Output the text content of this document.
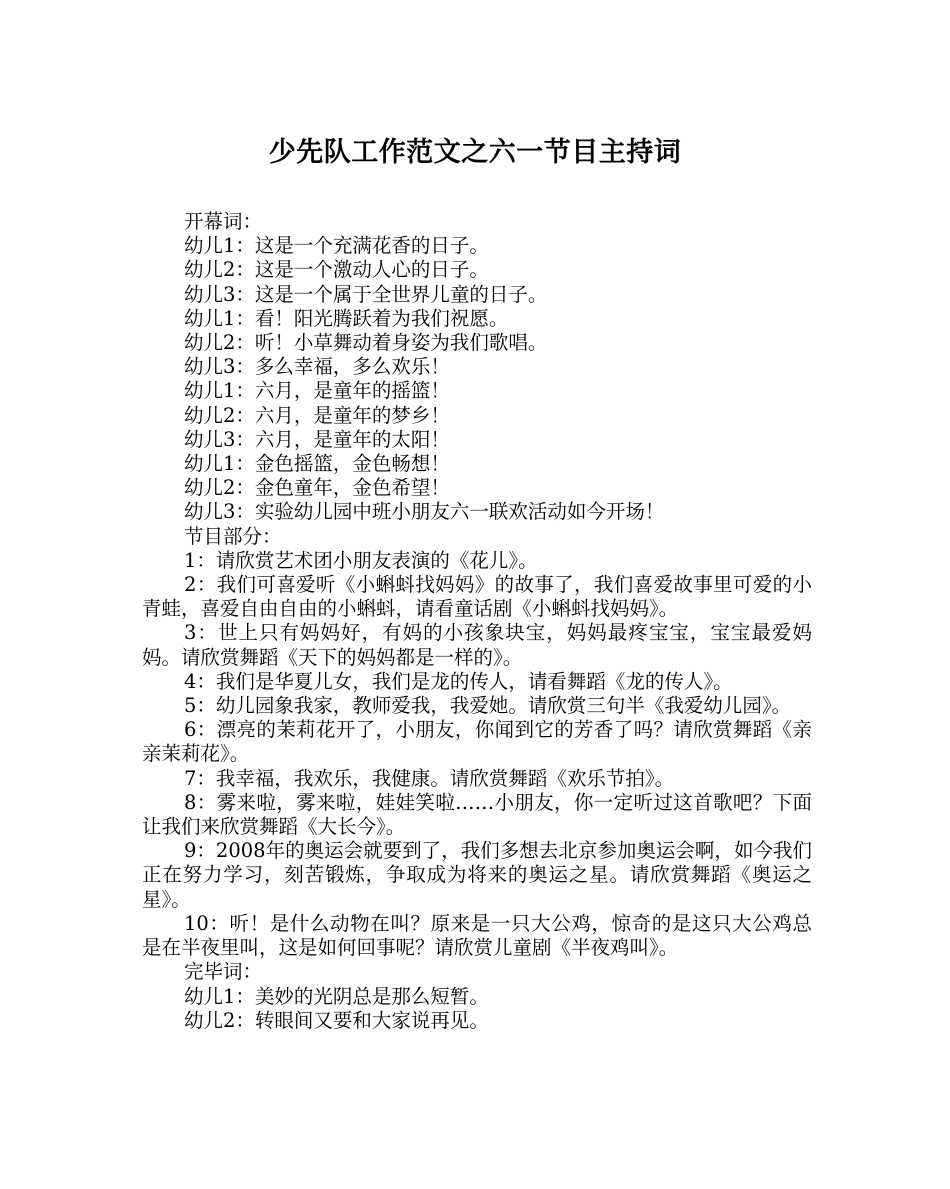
少先队工作范文之六一节目主持词

开幕词：

幼儿1：这是一个充满花香的日子。

幼儿2：这是一个激动人心的日子。

幼儿3：这是一个属于全世界儿童的日子。

幼儿1：看！阳光腾跃着为我们祝愿。

幼儿2：听！小草舞动着身姿为我们歌唱。

幼儿3：多么幸福，多么欢乐！

幼儿1：六月，是童年的摇篮！

幼儿2：六月，是童年的梦乡！

幼儿3：六月，是童年的太阳！

幼儿1：金色摇篮，金色畅想！

幼儿2：金色童年，金色希望！

幼儿3：实验幼儿园中班小朋友六一联欢活动如今开场！

节目部分：

1：请欣赏艺术团小朋友表演的《花儿》。

2：我们可喜爱听《小蝌蚪找妈妈》的故事了，我们喜爱故事里可爱的小青蛙，喜爱自由自由的小蝌蚪，请看童话剧《小蝌蚪找妈妈》。

3：世上只有妈妈好，有妈的小孩象块宝，妈妈最疼宝宝，宝宝最爱妈妈。请欣赏舞蹈《天下的妈妈都是一样的》。

4：我们是华夏儿女，我们是龙的传人，请看舞蹈《龙的传人》。

5：幼儿园象我家，教师爱我，我爱她。请欣赏三句半《我爱幼儿园》。

6：漂亮的茉莉花开了，小朋友，你闻到它的芳香了吗？请欣赏舞蹈《亲亲茉莉花》。

7：我幸福，我欢乐，我健康。请欣赏舞蹈《欢乐节拍》。

8：雾来啦，雾来啦，娃娃笑啦……小朋友，你一定听过这首歌吧？下面让我们来欣赏舞蹈《大长今》。

9：2008年的奥运会就要到了，我们多想去北京参加奥运会啊，如今我们正在努力学习，刻苦锻炼，争取成为将来的奥运之星。请欣赏舞蹈《奥运之星》。

10：听！是什么动物在叫？原来是一只大公鸡，惊奇的是这只大公鸡总是在半夜里叫，这是如何回事呢？请欣赏儿童剧《半夜鸡叫》。

完毕词：

幼儿1：美妙的光阴总是那么短暂。

幼儿2：转眼间又要和大家说再见。
